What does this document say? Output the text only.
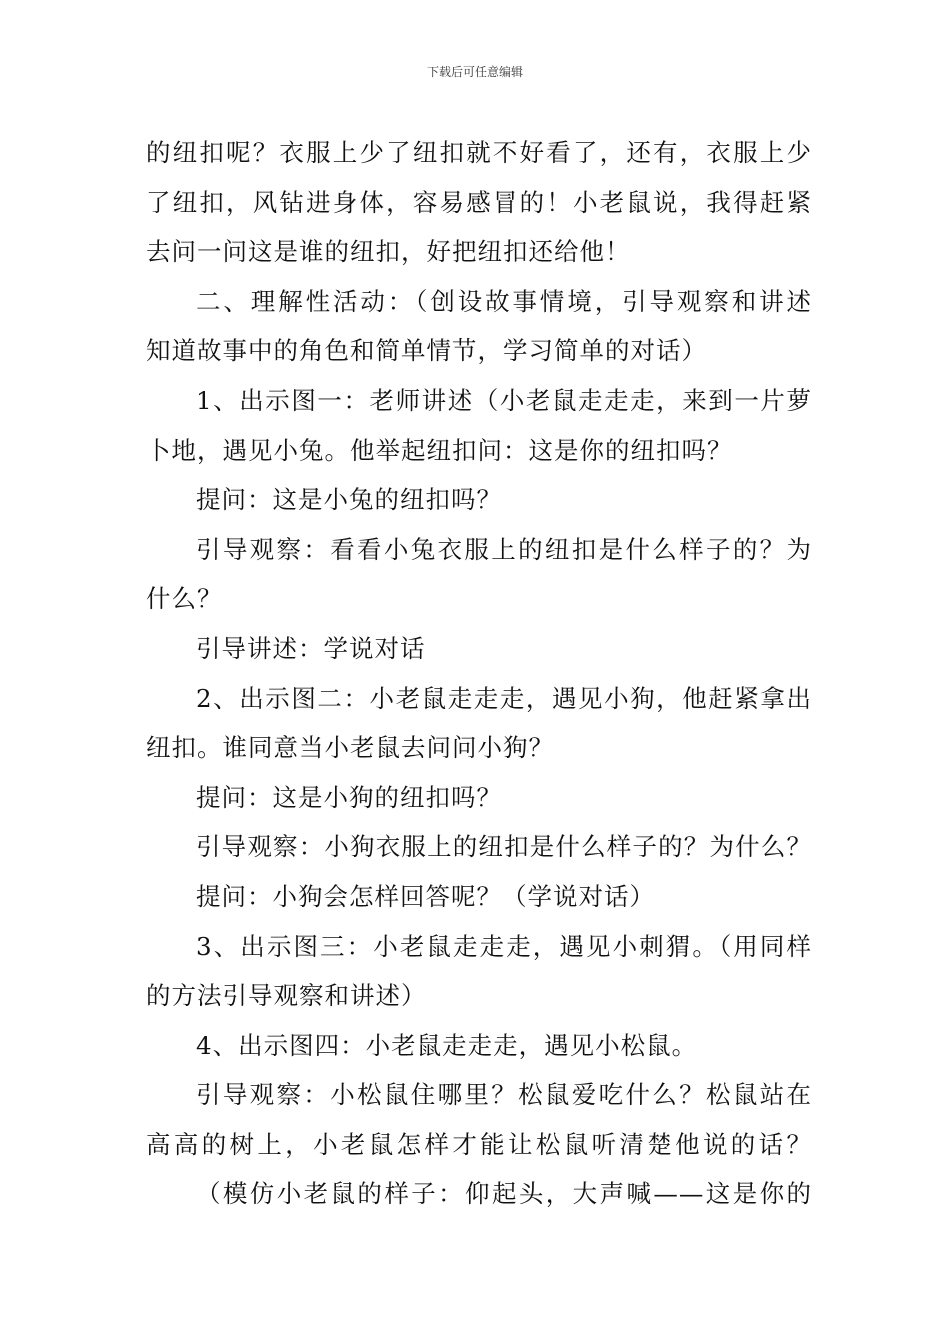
下载后可任意编辑
的纽扣呢？衣服上少了纽扣就不好看了，还有，衣服上少
了纽扣，风钻进身体，容易感冒的！小老鼠说，我得赶紧
去问一问这是谁的纽扣，好把纽扣还给他！
二、理解性活动：（创设故事情境，引导观察和讲述
知道故事中的角色和简单情节，学习简单的对话）
1、出示图一：老师讲述（小老鼠走走走，来到一片萝
卜地，遇见小兔。他举起纽扣问：这是你的纽扣吗？
提问：这是小兔的纽扣吗？
引导观察：看看小兔衣服上的纽扣是什么样子的？为
什么？
引导讲述：学说对话
2、出示图二：小老鼠走走走，遇见小狗，他赶紧拿出
纽扣。谁同意当小老鼠去问问小狗？
提问：这是小狗的纽扣吗？
引导观察：小狗衣服上的纽扣是什么样子的？为什么？
提问：小狗会怎样回答呢？（学说对话）
3、出示图三：小老鼠走走走，遇见小刺猬。（用同样
的方法引导观察和讲述）
4、出示图四：小老鼠走走走，遇见小松鼠。
引导观察：小松鼠住哪里？松鼠爱吃什么？松鼠站在
高高的树上，小老鼠怎样才能让松鼠听清楚他说的话？
（模仿小老鼠的样子：仰起头，大声喊——这是你的
